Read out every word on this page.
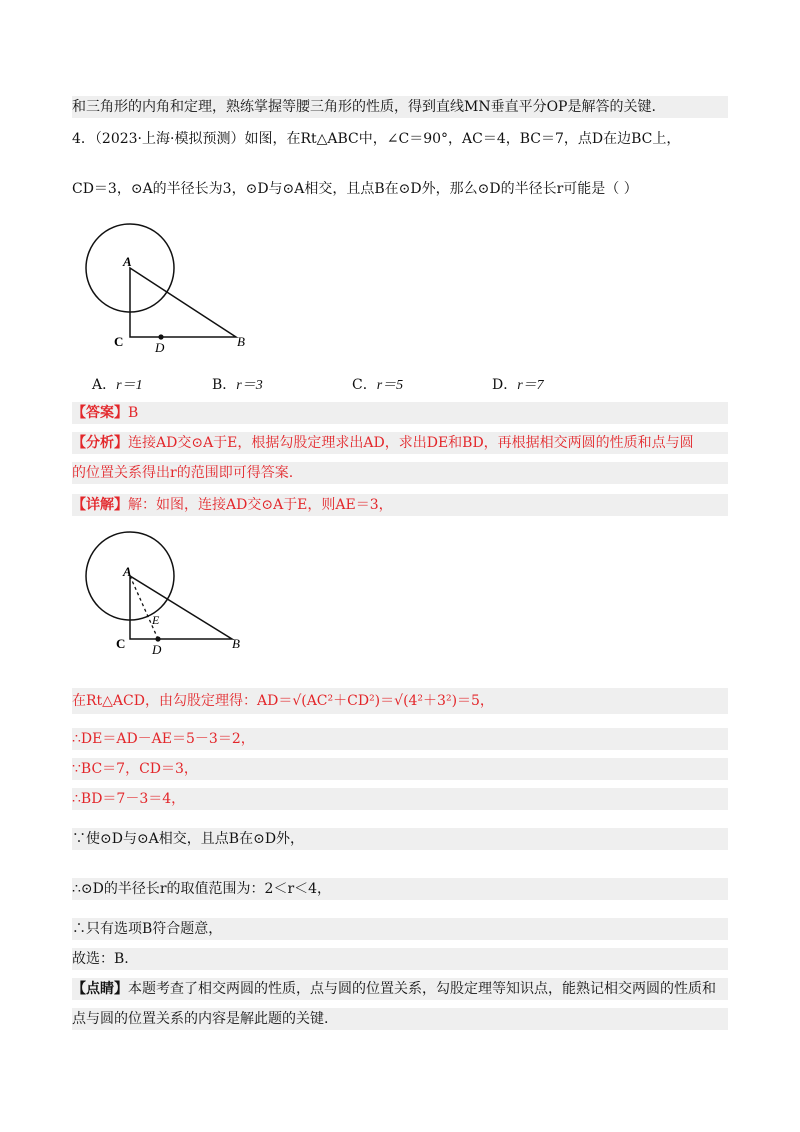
和三角形的内角和定理，熟练掌握等腰三角形的性质，得到直线MN垂直平分OP是解答的关键.
4．（2023·上海·模拟预测）如图，在Rt△ABC中，∠C＝90°，AC＝4，BC＝7，点D在边BC上，
CD＝3，⊙A的半径长为3，⊙D与⊙A相交，且点B在⊙D外，那么⊙D的半径长r可能是（ ）
A
C D	B
A．r＝1	B．r＝3	C．r＝5	D．r＝7
【答案】B
【分析】连接AD交⊙A于E，根据勾股定理求出AD，求出DE和BD，再根据相交两圆的性质和点与圆
的位置关系得出r的范围即可得答案.
【详解】解：如图，连接AD交⊙A于E，则AE＝3，
A
E
C D	B
在Rt△ACD，由勾股定理得：AD＝√(AC²＋CD²)＝√(4²＋3²)＝5，
∴DE＝AD－AE＝5－3＝2，
∵BC＝7，CD＝3，
∴BD＝7－3＝4，
∵使⊙D与⊙A相交，且点B在⊙D外，
∴⊙D的半径长r的取值范围为：2＜r＜4，
∴只有选项B符合题意，
故选：B.
【点睛】本题考查了相交两圆的性质，点与圆的位置关系，勾股定理等知识点，能熟记相交两圆的性质和
点与圆的位置关系的内容是解此题的关键.
